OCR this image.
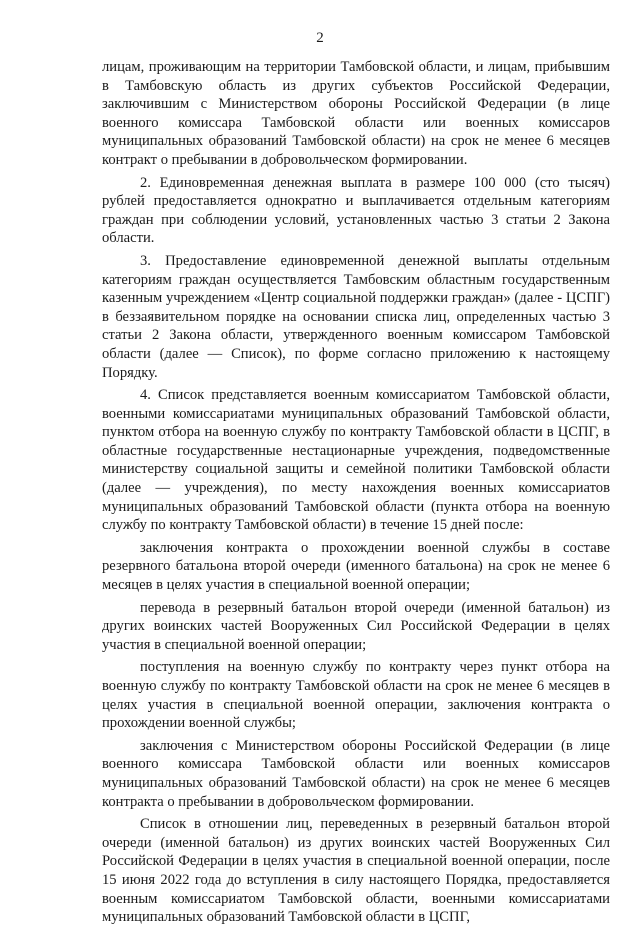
2

лицам, проживающим на территории Тамбовской области, и лицам, прибывшим в Тамбовскую область из других субъектов Российской Федерации, заключившим с Министерством обороны Российской Федерации (в лице военного комиссара Тамбовской области или военных комиссаров муниципальных образований Тамбовской области) на срок не менее 6 месяцев контракт о пребывании в добровольческом формировании.

2. Единовременная денежная выплата в размере 100 000 (сто тысяч) рублей предоставляется однократно и выплачивается отдельным категориям граждан при соблюдении условий, установленных частью 3 статьи 2 Закона области.

3. Предоставление единовременной денежной выплаты отдельным категориям граждан осуществляется Тамбовским областным государственным казенным учреждением «Центр социальной поддержки граждан» (далее - ЦСПГ) в беззаявительном порядке на основании списка лиц, определенных частью 3 статьи 2 Закона области, утвержденного военным комиссаром Тамбовской области (далее — Список), по форме согласно приложению к настоящему Порядку.

4. Список представляется военным комиссариатом Тамбовской области, военными комиссариатами муниципальных образований Тамбовской области, пунктом отбора на военную службу по контракту Тамбовской области в ЦСПГ, в областные государственные нестационарные учреждения, подведомственные министерству социальной защиты и семейной политики Тамбовской области (далее — учреждения), по месту нахождения военных комиссариатов муниципальных образований Тамбовской области (пункта отбора на военную службу по контракту Тамбовской области) в течение 15 дней после:

заключения контракта о прохождении военной службы в составе резервного батальона второй очереди (именного батальона) на срок не менее 6 месяцев в целях участия в специальной военной операции;

перевода в резервный батальон второй очереди (именной батальон) из других воинских частей Вооруженных Сил Российской Федерации в целях участия в специальной военной операции;

поступления на военную службу по контракту через пункт отбора на военную службу по контракту Тамбовской области на срок не менее 6 месяцев в целях участия в специальной военной операции, заключения контракта о прохождении военной службы;

заключения с Министерством обороны Российской Федерации (в лице военного комиссара Тамбовской области или военных комиссаров муниципальных образований Тамбовской области) на срок не менее 6 месяцев контракта о пребывании в добровольческом формировании.

Список в отношении лиц, переведенных в резервный батальон второй очереди (именной батальон) из других воинских частей Вооруженных Сил Российской Федерации в целях участия в специальной военной операции, после 15 июня 2022 года до вступления в силу настоящего Порядка, предоставляется военным комиссариатом Тамбовской области, военными комиссариатами муниципальных образований Тамбовской области в ЦСПГ,
